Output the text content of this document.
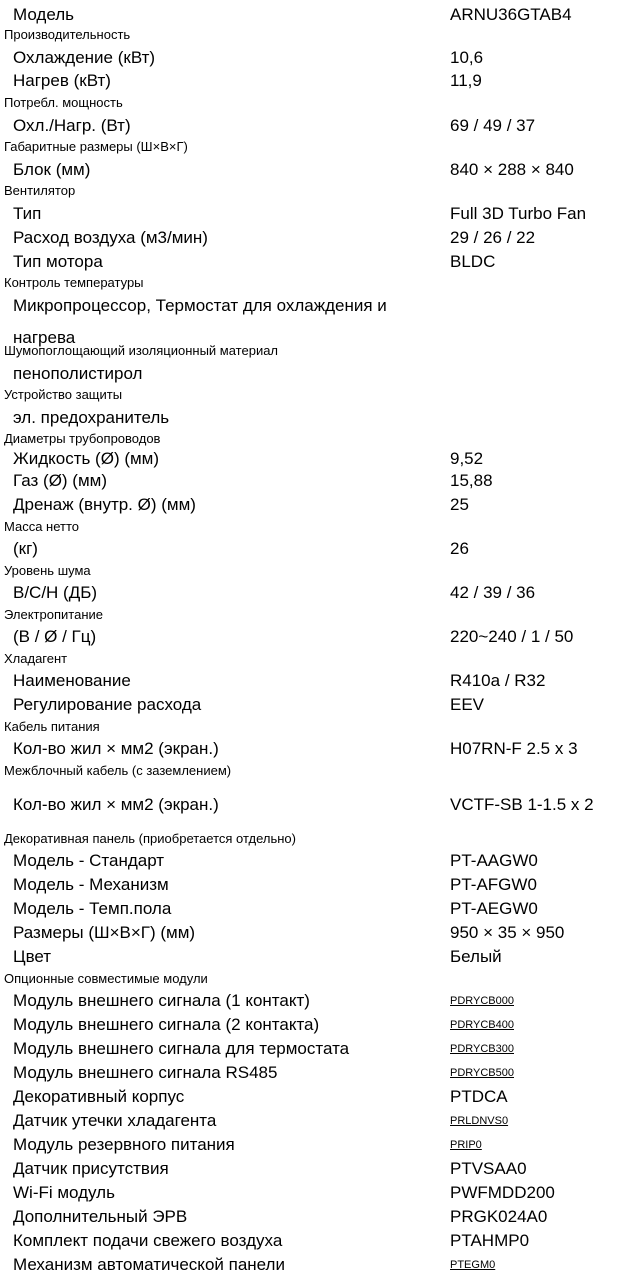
Модель	ARNU36GTAB4
Производительность
Охлаждение (кВт)	10,6
Нагрев (кВт)	11,9
Потребл. мощность
Охл./Нагр. (Вт)	69 / 49 / 37
Габаритные размеры (Ш×В×Г)
Блок (мм)	840 × 288 × 840
Вентилятор
Тип	Full 3D Turbo Fan
Расход воздуха (м3/мин)	29 / 26 / 22
Тип мотора	BLDC
Контроль температуры
Микропроцессор, Термостат для охлаждения и нагрева
Шумопоглощающий изоляционный материал
пенополистирол
Устройство защиты
эл. предохранитель
Диаметры трубопроводов
Жидкость (Ø) (мм)	9,52
Газ (Ø) (мм)	15,88
Дренаж (внутр. Ø) (мм)	25
Масса нетто
(кг)	26
Уровень шума
В/С/Н (ДБ)	42 / 39 / 36
Электропитание
(В / Ø / Гц)	220~240 / 1 / 50
Хладагент
Наименование	R410a / R32
Регулирование расхода	EEV
Кабель питания
Кол-во жил × мм2 (экран.)	H07RN-F 2.5 x 3
Межблочный кабель (с заземлением)
Кол-во жил × мм2 (экран.)	VCTF-SB 1-1.5 x 2
Декоративная панель (приобретается отдельно)
Модель - Стандарт	PT-AAGW0
Модель - Механизм	PT-AFGW0
Модель - Темп.пола	PT-AEGW0
Размеры (Ш×В×Г) (мм)	950 × 35 × 950
Цвет	Белый
Опционные совместимые модули
Модуль внешнего сигнала (1 контакт)	PDRYCB000
Модуль внешнего сигнала (2 контакта)	PDRYCB400
Модуль внешнего сигнала для термостата	PDRYCB300
Модуль внешнего сигнала RS485	PDRYCB500
Декоративный корпус	PTDCA
Датчик утечки хладагента	PRLDNVS0
Модуль резервного питания	PRIP0
Датчик присутствия	PTVSAA0
Wi-Fi модуль	PWFMDD200
Дополнительный ЭРВ	PRGK024A0
Комплект подачи свежего воздуха	PTAHMP0
Механизм автоматической панели	PTEGM0
